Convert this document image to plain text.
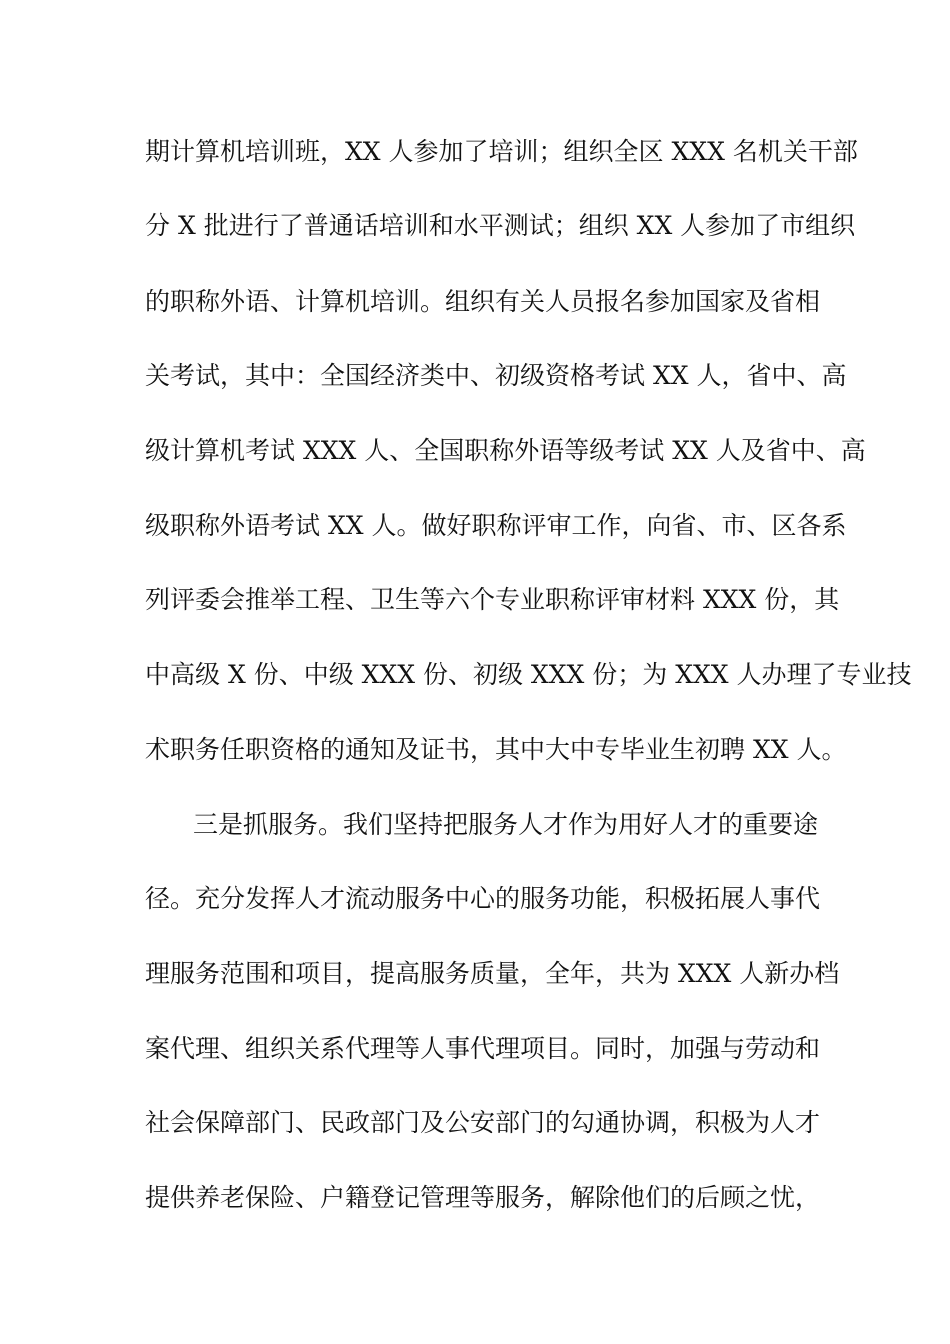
期计算机培训班，XX 人参加了培训；组织全区 XXX 名机关干部
分 X 批进行了普通话培训和水平测试；组织 XX 人参加了市组织
的职称外语、计算机培训。组织有关人员报名参加国家及省相
关考试，其中：全国经济类中、初级资格考试 XX 人，省中、高
级计算机考试 XXX 人、全国职称外语等级考试 XX 人及省中、高
级职称外语考试 XX 人。做好职称评审工作，向省、市、区各系
列评委会推举工程、卫生等六个专业职称评审材料 XXX 份，其
中高级 X 份、中级 XXX 份、初级 XXX 份；为 XXX 人办理了专业技
术职务任职资格的通知及证书，其中大中专毕业生初聘 XX 人。
三是抓服务。我们坚持把服务人才作为用好人才的重要途
径。充分发挥人才流动服务中心的服务功能，积极拓展人事代
理服务范围和项目，提高服务质量，全年，共为 XXX 人新办档
案代理、组织关系代理等人事代理项目。同时，加强与劳动和
社会保障部门、民政部门及公安部门的勾通协调，积极为人才
提供养老保险、户籍登记管理等服务，解除他们的后顾之忧，
